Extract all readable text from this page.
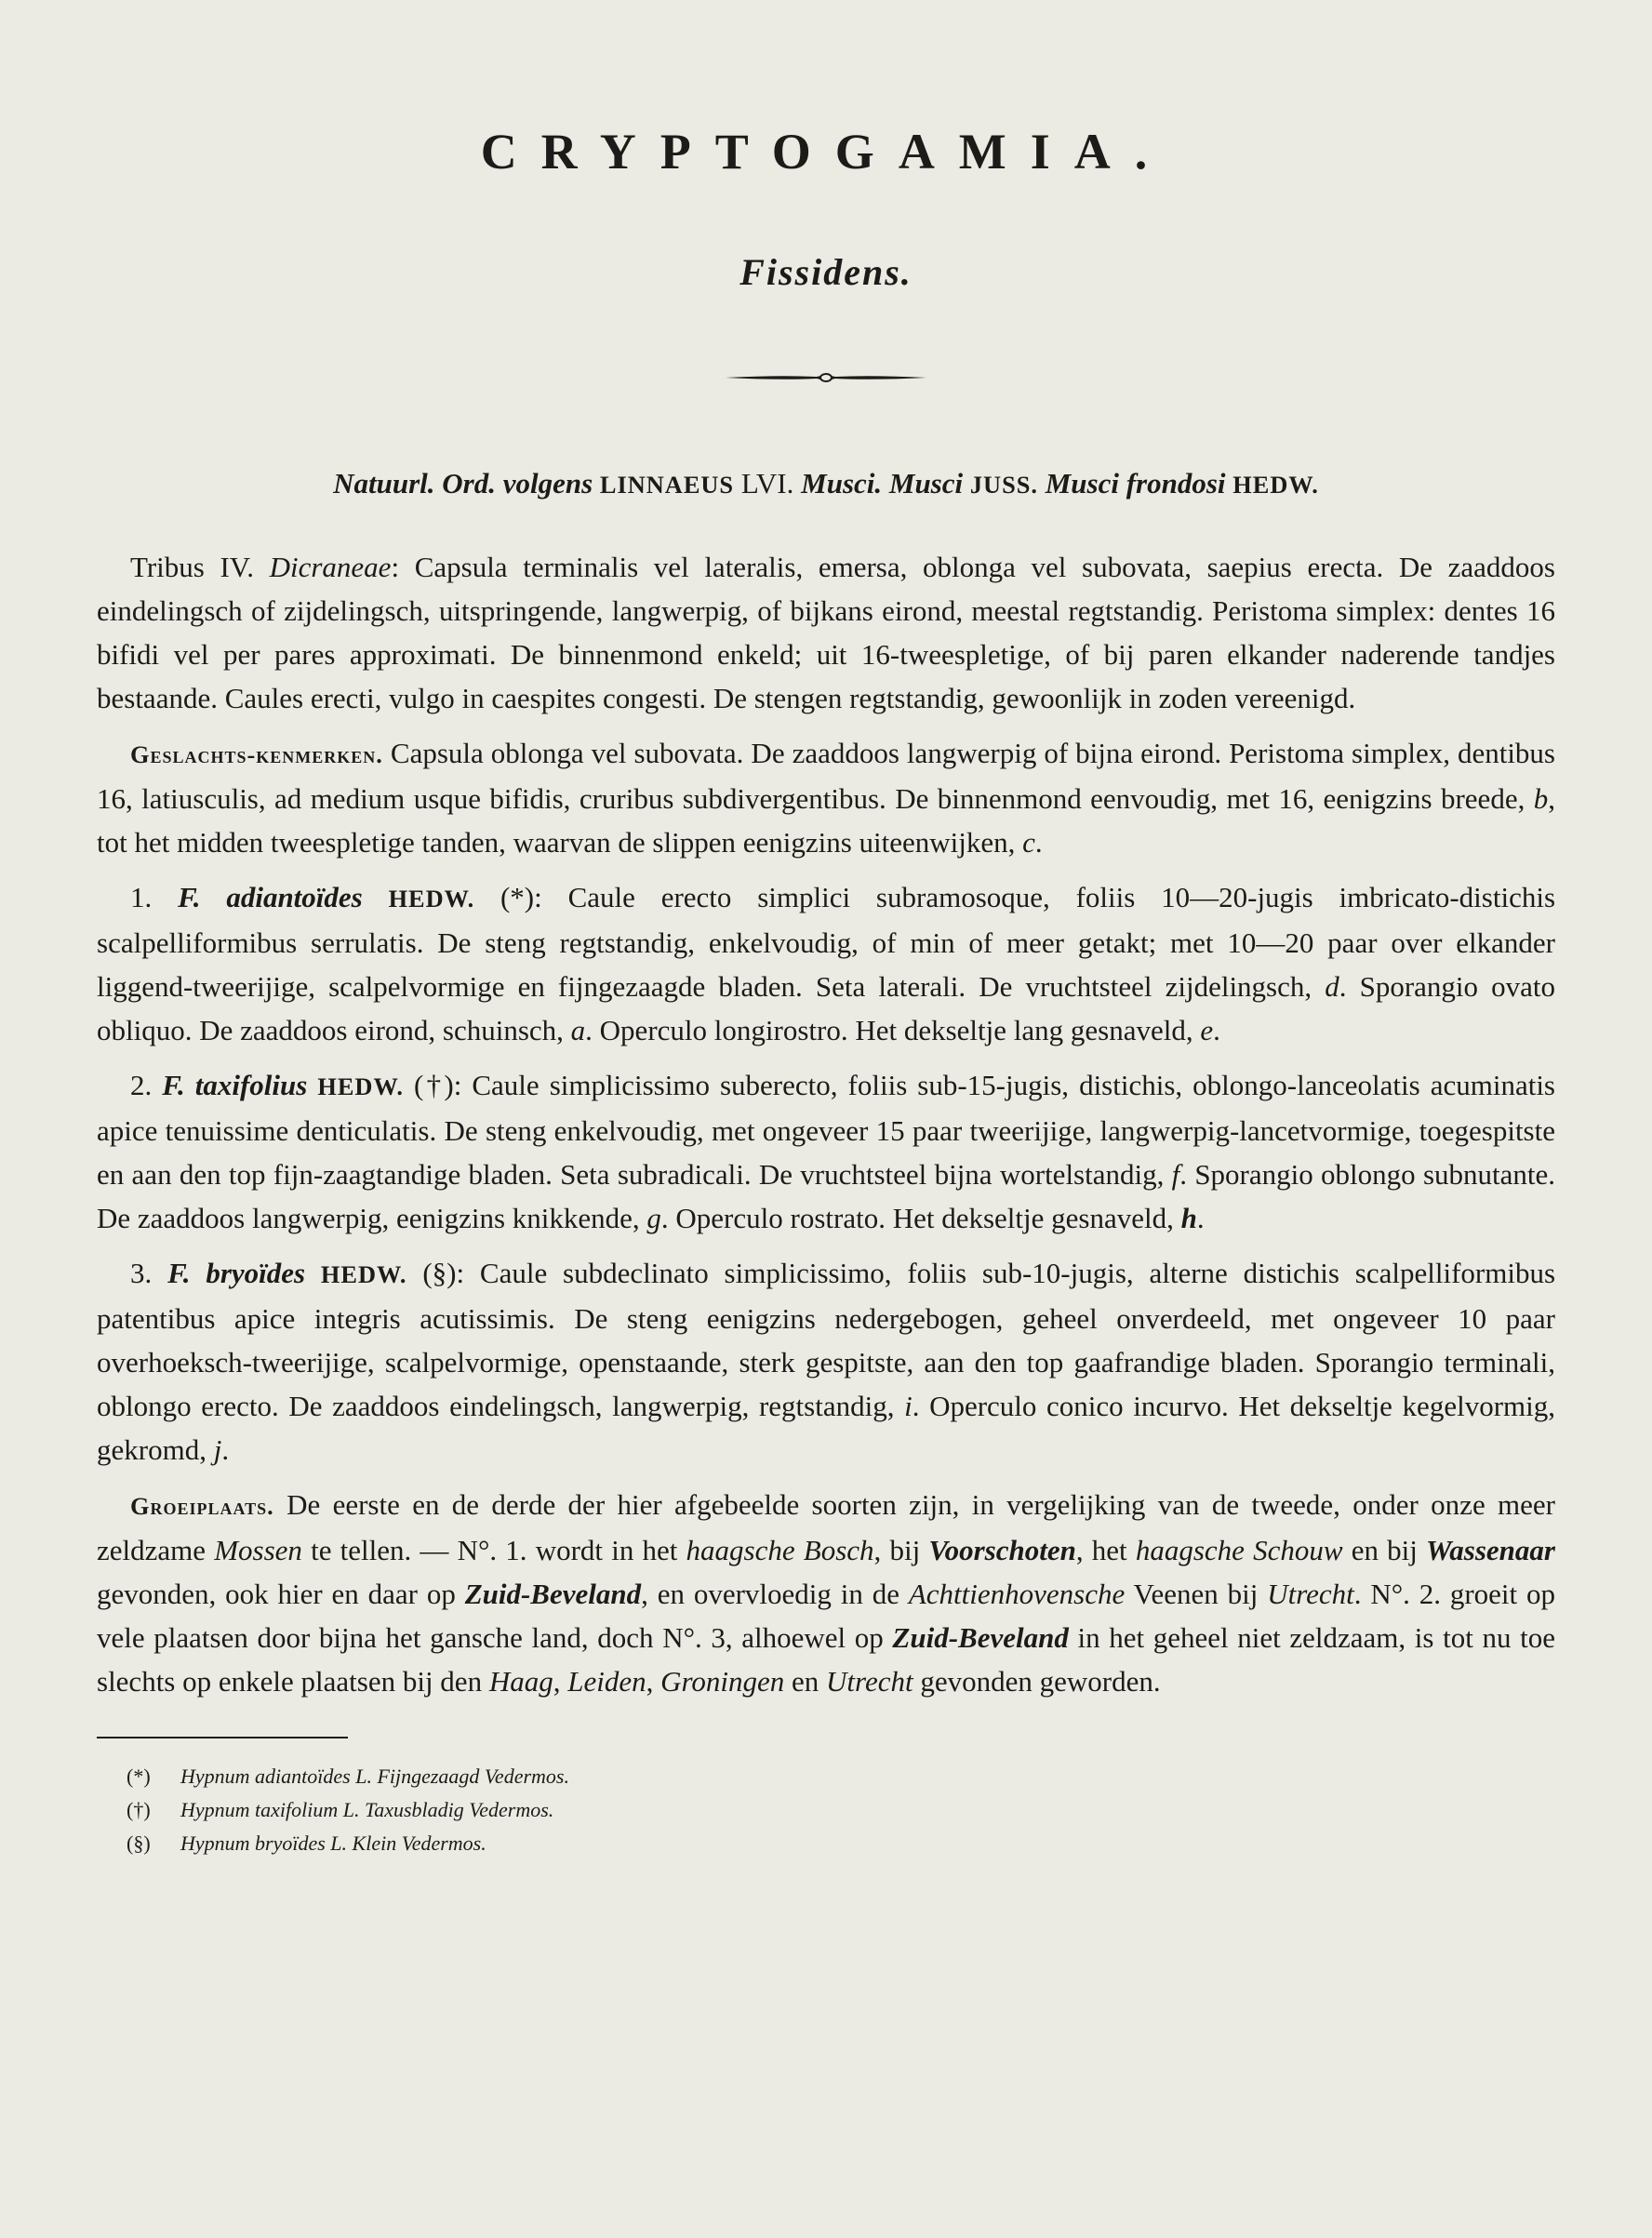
CRYPTOGAMIA.
Fissidens.

Natuurl. Ord. volgens LINNAEUS LVI. Musci. Musci JUSS. Musci frondosi HEDW.

Tribus IV. Dicraneae: Capsula terminalis vel lateralis, emersa, oblonga vel subovata, saepius erecta. De zaaddoos eindelingsch of zijdelingsch, uitspringende, langwerpig, of bijkans eirond, meestal regtstandig. Peristoma simplex: dentes 16 bifidi vel per pares approximati. De binnenmond enkeld; uit 16-tweespletige, of bij paren elkander naderende tandjes bestaande. Caules erecti, vulgo in caespites congesti. De stengen regtstandig, gewoonlijk in zoden vereenigd.

Geslachts-kenmerken. Capsula oblonga vel subovata. De zaaddoos langwerpig of bijna eirond. Peristoma simplex, dentibus 16, latiusculis, ad medium usque bifidis, cruribus subdivergentibus. De binnenmond eenvoudig, met 16, eenigzins breede, b, tot het midden tweespletige tanden, waarvan de slippen eenigzins uiteenwijken, c.

1. F. adiantoïdes HEDW. (*): Caule erecto simplici subramosoque, foliis 10—20-jugis imbricato-distichis scalpelliformibus serrulatis. De steng regtstandig, enkelvoudig, of min of meer getakt; met 10—20 paar over elkander liggend-tweerijige, scalpelvormige en fijngezaagde bladen. Seta laterali. De vruchtsteel zijdelingsch, d. Sporangio ovato obliquo. De zaaddoos eirond, schuinsch, a. Operculo longirostro. Het dekseltje lang gesnaveld, e.

2. F. taxifolius HEDW. (†): Caule simplicissimo suberecto, foliis sub-15-jugis, distichis, oblongo-lanceolatis acuminatis apice tenuissime denticulatis. De steng enkelvoudig, met ongeveer 15 paar tweerijige, langwerpig-lancetvormige, toegespitste en aan den top fijn-zaagtandige bladen. Seta subradicali. De vruchtsteel bijna wortelstandig, f. Sporangio oblongo subnutante. De zaaddoos langwerpig, eenigzins knikkende, g. Operculo rostrato. Het dekseltje gesnaveld, h.

3. F. bryoïdes HEDW. (§): Caule subdeclinato simplicissimo, foliis sub-10-jugis, alterne distichis scalpelliformibus patentibus apice integris acutissimis. De steng eenigzins nedergebogen, geheel onverdeeld, met ongeveer 10 paar overhoeksch-tweerijige, scalpelvormige, openstaande, sterk gespitste, aan den top gaafrandige bladen. Sporangio terminali, oblongo erecto. De zaaddoos eindelingsch, langwerpig, regtstandig, i. Operculo conico incurvo. Het dekseltje kegelvormig, gekromd, j.

Groeiplaats. De eerste en de derde der hier afgebeelde soorten zijn, in vergelijking van de tweede, onder onze meer zeldzame Mossen te tellen. — N°. 1. wordt in het haagsche Bosch, bij Voorschoten, het haagsche Schouw en bij Wassenaar gevonden, ook hier en daar op Zuid-Beveland, en overvloedig in de Achttienhovensche Veenen bij Utrecht. N°. 2. groeit op vele plaatsen door bijna het gansche land, doch N°. 3, alhoewel op Zuid-Beveland in het geheel niet zeldzaam, is tot nu toe slechts op enkele plaatsen bij den Haag, Leiden, Groningen en Utrecht gevonden geworden.

(*) Hypnum adiantoïdes L. Fijngezaagd Vedermos.

(†) Hypnum taxifolium L. Taxusbladig Vedermos.

(§) Hypnum bryoïdes L. Klein Vedermos.
